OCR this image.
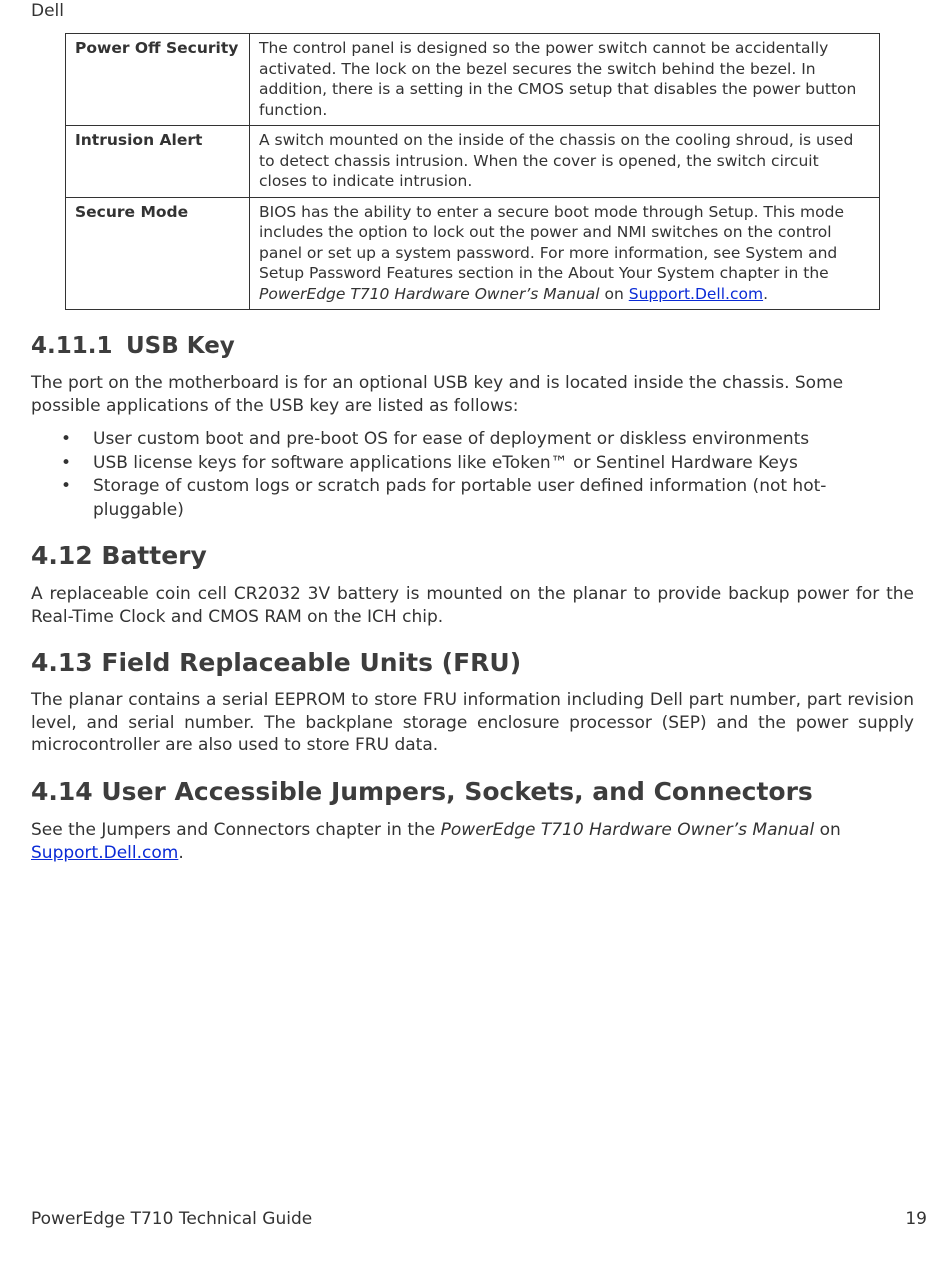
Dell
Power Off Security	The control panel is designed so the power switch cannot be accidentally activated. The lock on the bezel secures the switch behind the bezel. In addition, there is a setting in the CMOS setup that disables the power button function.
Intrusion Alert	A switch mounted on the inside of the chassis on the cooling shroud, is used to detect chassis intrusion. When the cover is opened, the switch circuit closes to indicate intrusion.
Secure Mode	BIOS has the ability to enter a secure boot mode through Setup. This mode includes the option to lock out the power and NMI switches on the control panel or set up a system password. For more information, see System and Setup Password Features section in the About Your System chapter in the PowerEdge T710 Hardware Owner’s Manual on Support.Dell.com.
4.11.1 USB Key

The port on the motherboard is for an optional USB key and is located inside the chassis. Some possible applications of the USB key are listed as follows:

• User custom boot and pre-boot OS for ease of deployment or diskless environments
• USB license keys for software applications like eToken™ or Sentinel Hardware Keys
• Storage of custom logs or scratch pads for portable user defined information (not hot-pluggable)
4.12 Battery

A replaceable coin cell CR2032 3V battery is mounted on the planar to provide backup power for the Real-Time Clock and CMOS RAM on the ICH chip.

4.13 Field Replaceable Units (FRU)

The planar contains a serial EEPROM to store FRU information including Dell part number, part revision level, and serial number. The backplane storage enclosure processor (SEP) and the power supply microcontroller are also used to store FRU data.

4.14 User Accessible Jumpers, Sockets, and Connectors

See the Jumpers and Connectors chapter in the PowerEdge T710 Hardware Owner’s Manual on
Support.Dell.com.

PowerEdge T710 Technical Guide	19
